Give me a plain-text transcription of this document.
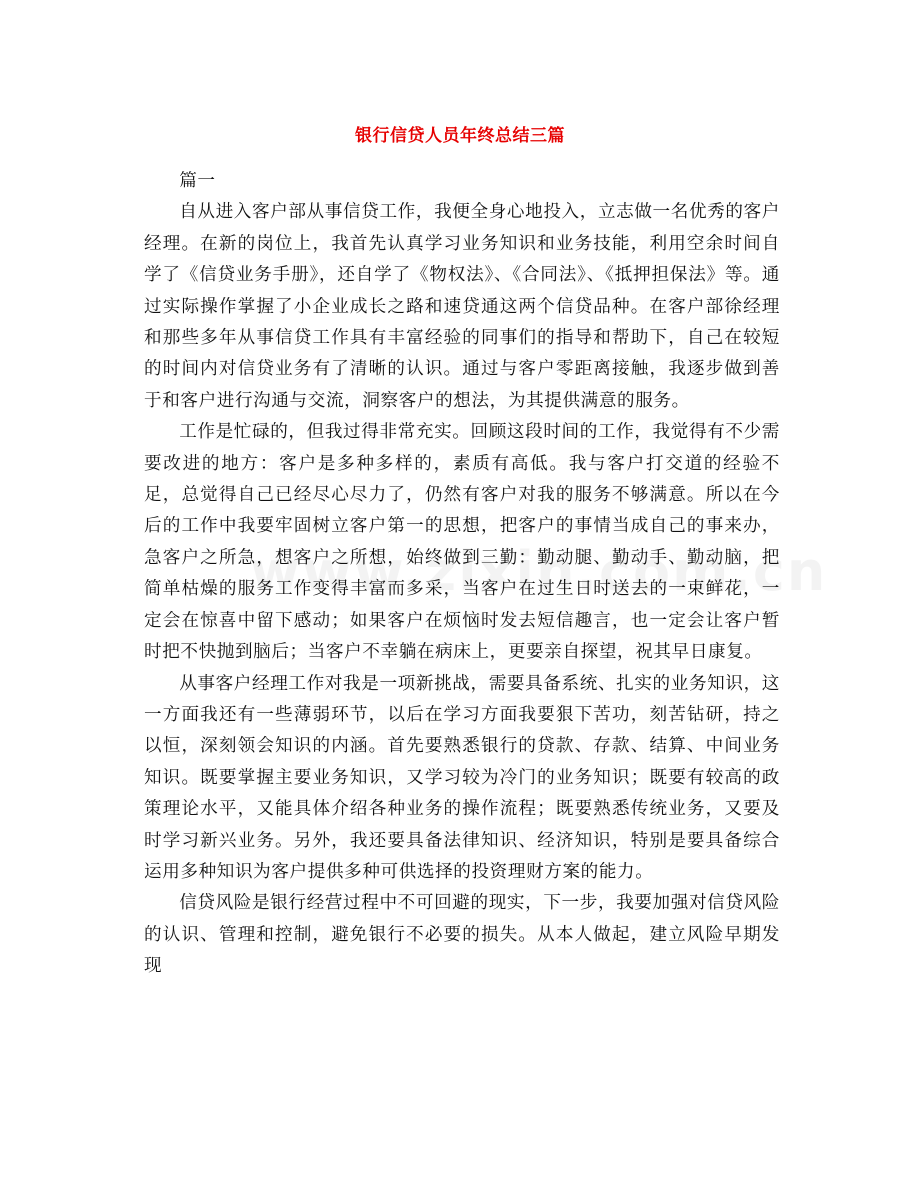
银行信贷人员年终总结三篇
篇一

自从进入客户部从事信贷工作，我便全身心地投入，立志做一名优秀的客户经理。在新的岗位上，我首先认真学习业务知识和业务技能，利用空余时间自学了《信贷业务手册》，还自学了《物权法》、《合同法》、《抵押担保法》等。通过实际操作掌握了小企业成长之路和速贷通这两个信贷品种。在客户部徐经理和那些多年从事信贷工作具有丰富经验的同事们的指导和帮助下，自己在较短的时间内对信贷业务有了清晰的认识。通过与客户零距离接触，我逐步做到善于和客户进行沟通与交流，洞察客户的想法，为其提供满意的服务。

工作是忙碌的，但我过得非常充实。回顾这段时间的工作，我觉得有不少需要改进的地方：客户是多种多样的，素质有高低。我与客户打交道的经验不足，总觉得自己已经尽心尽力了，仍然有客户对我的服务不够满意。所以在今后的工作中我要牢固树立客户第一的思想，把客户的事情当成自己的事来办，急客户之所急，想客户之所想，始终做到三勤：勤动腿、勤动手、勤动脑，把简单枯燥的服务工作变得丰富而多采，当客户在过生日时送去的一束鲜花，一定会在惊喜中留下感动；如果客户在烦恼时发去短信趣言，也一定会让客户暂时把不快抛到脑后；当客户不幸躺在病床上，更要亲自探望，祝其早日康复。

从事客户经理工作对我是一项新挑战，需要具备系统、扎实的业务知识，这一方面我还有一些薄弱环节，以后在学习方面我要狠下苦功，刻苦钻研，持之以恒，深刻领会知识的内涵。首先要熟悉银行的贷款、存款、结算、中间业务知识。既要掌握主要业务知识，又学习较为冷门的业务知识；既要有较高的政策理论水平，又能具体介绍各种业务的操作流程；既要熟悉传统业务，又要及时学习新兴业务。另外，我还要具备法律知识、经济知识，特别是要具备综合运用多种知识为客户提供多种可供选择的投资理财方案的能力。

信贷风险是银行经营过程中不可回避的现实，下一步，我要加强对信贷风险的认识、管理和控制，避免银行不必要的损失。从本人做起，建立风险早期发现
